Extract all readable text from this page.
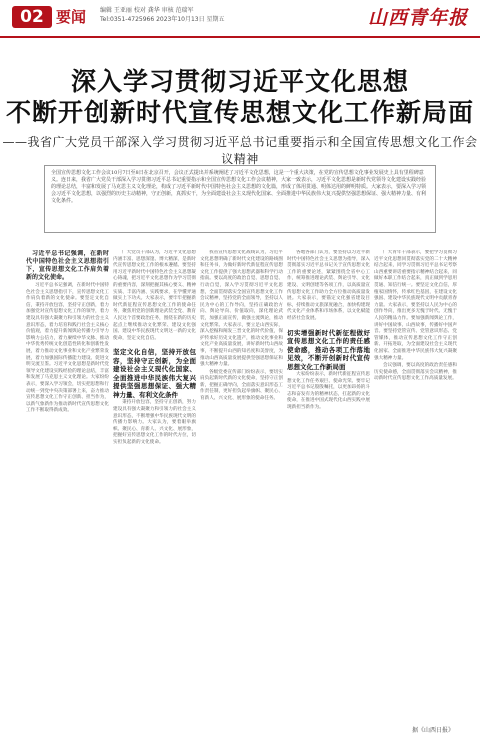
02 要闻 编辑 王亚丽 校对 龚华 审核 范瑞军
Tel:0351-4725966 2023年10月13日 星期五	山西青年报
深入学习贯彻习近平文化思想
不断开创新时代宣传思想文化工作新局面
——我省广大党员干部深入学习贯彻习近平总书记重要指示和全国宣传思想文化工作会议精神
全国宣传思想文化工作会议10月7日至8日在北京召开，会议正式提出并系统阐述了习近平文化思想，这是一个重大决策，在党的宣传思想文化事业发展史上具有里程碑意义。连日来，我省广大党员干部深入学习贯彻习近平总书记重要指示和全国宣传思想文化工作会议精神，大家一致表示，习近平文化思想是新时代党领导文化建设实践经验的理论总结，丰富和发展了马克思主义文化理论，构成了习近平新时代中国特色社会主义思想的文化篇，形成了体用贯通、明体达用的鲜明特质。大家表示，要深入学习领会习近平文化思想，以强烈的历史主动精神，守正创新，真抓实干，为全面建设社会主义现代化国家、全面推进中华民族伟大复兴提供坚强思想保证、强大精神力量、有利文化条件。

习近平总书记强调，在新时代中国特色社会主义思想指引下，宣传思想文化工作肩负着新的文化使命。

习近平总书记强调，在新时代中国特色社会主义思想指引下，宣传思想文化工作肩负着新的文化使命。要坚定文化自信，秉持开放包容，坚持守正创新，着力加强党对宣传思想文化工作的领导，着力建设具有强大凝聚力和引领力的社会主义意识形态，着力培育和践行社会主义核心价值观，着力提升新闻舆论传播力引导力影响力公信力，着力赓续中华文脉、推动中华优秀传统文化创造性转化和创新性发展，着力推动文化事业和文化产业繁荣发展，着力加强国际传播能力建设、促进文明交流互鉴。习近平文化思想是新时代党领导文化建设实践经验的理论总结，丰富和发展了马克思主义文化理论。大家纷纷表示，要深入学习领会，切实把思想和行动统一到党中央决策部署上来，奋力推动宣传思想文化工作守正创新、担当作为，以新气象新作为推动新时代宣传思想文化工作不断取得新成效。

广大党员干部认为，习近平文化思想内涵丰富、思想深邃、博大精深，是新时代宣传思想文化工作的根本遵循。要坚持用习近平新时代中国特色社会主义思想凝心铸魂，把习近平文化思想作为学习贯彻的重要内容，深刻把握其核心要义、精神实质、丰富内涵、实践要求，在学懂弄通做实上下功夫。大家表示，要牢牢把握新时代新征程宣传思想文化工作的使命任务，聚焦用党的创新理论武装全党、教育人民这个首要政治任务，围绕在新的历史起点上继续推动文化繁荣、建设文化强国、建设中华民族现代文明这一新的文化使命，坚定文化自信。

坚定文化自信，坚持开放包容，坚持守正创新，为全面建设社会主义现代化国家、全面推进中华民族伟大复兴提供坚强思想保证、强大精神力量、有利文化条件

秉持开放包容，坚持守正创新，努力建设具有强大凝聚力和引领力的社会主义意识形态，不断增强中华民族现代文明的传播力影响力。大家认为，要着眼举旗帜、聚民心、育新人、兴文化、展形象，把握好宣传思想文化工作的时代方位，切实担负起新的文化使命。

我省宣传思想文化战线认为，习近平文化思想明确了新时代文化建设的路线图和任务书，为做好新时代新征程宣传思想文化工作提供了强大思想武器和科学行动指南。要以高度的政治自觉、思想自觉、行动自觉，深入学习贯彻习近平文化思想，全面贯彻落实全国宣传思想文化工作会议精神，坚持党的全面领导，坚持以人民为中心的工作导向，坚持正确政治方向、舆论导向、价值取向，深化理论武装，加强正面宣传，做强主流舆论，推动文化繁荣。大家表示，要立足山西实际，深入挖掘和阐发三晋文化的时代价值，保护传承好历史文化遗产，推动文化事业和文化产业高质量发展，讲好新时代山西故事，不断提升山西的知名度和美誉度，为推动山西高质量发展提供坚强思想保证和强大精神力量。

各级党委宣传部门纷纷表示，要切实肩负起新时代新的文化使命，坚持守正创新，把握正确导向，全面落实意识形态工作责任制，更好担负起举旗帜、聚民心、育新人、兴文化、展形象的使命任务。

各地各部门认为，要坚持以习近平新时代中国特色社会主义思想为指导，深入贯彻落实习近平总书记关于宣传思想文化工作的重要论述，紧紧围绕全省中心工作，统筹推进理论武装、舆论引导、文化建设、文明创建等各项工作，以高质量宣传思想文化工作助力全方位推动高质量发展。大家表示，要锚定文化强省建设目标，持续推动文旅深度融合，加快构建现代文化产业体系和市场体系，以文化赋能经济社会发展。

切实增强新时代新征程做好宣传思想文化工作的责任感使命感，推动各项工作落地见效，不断开创新时代宣传思想文化工作新局面

大家纷纷表示，新时代新征程宣传思想文化工作任务艰巨、使命光荣。要牢记习近平总书记殷殷嘱托，以更加昂扬的斗志和奋发有为的精神状态，扛起新的文化使命，在推进中国式现代化山西实践中展现新担当新作为。

广大青年干部表示，要把学习贯彻习近平文化思想同贯彻落实党的二十大精神结合起来，同学习贯彻习近平总书记考察山西重要讲话重要指示精神结合起来，同做好本职工作结合起来，真正做到学思用贯通、知信行统一。要坚定文化自信，厚植家国情怀，传承红色基因，在建设文化强国、建设中华民族现代文明中贡献青春力量。大家表示，要坚持以人民为中心的创作导向，推出更多无愧于时代、无愧于人民的精品力作。要加强新闻舆论工作，讲好中国故事、山西故事，传播好中国声音。要坚持党管宣传、党管意识形态、党管媒体，推动宣传思想文化工作守正创新、开拓进取，为全面建设社会主义现代化国家、全面推进中华民族伟大复兴凝聚强大精神力量。

会议强调，要以高度的政治责任感和历史使命感，全面贯彻落实会议精神，推动新时代宣传思想文化工作高质量发展。

据《山西日报》
